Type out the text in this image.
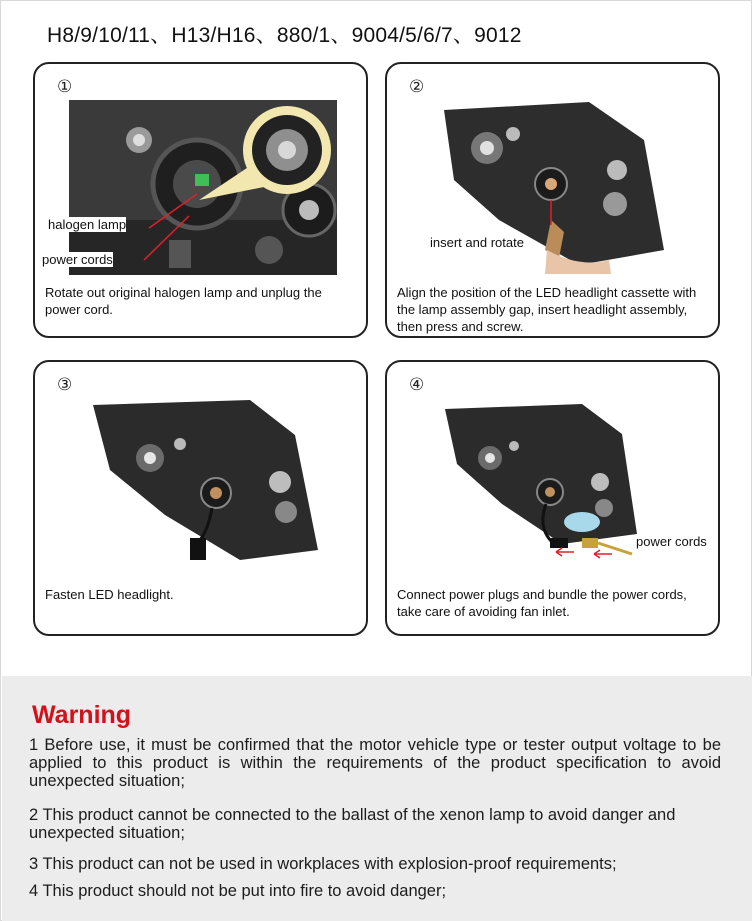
H8/9/10/11、H13/H16、880/1、9004/5/6/7、9012
①
halogen lamp
power cords
Rotate out original halogen lamp and unplug the power cord.
②
insert and rotate
Align the position of the LED headlight cassette with the lamp assembly gap, insert headlight assembly, then press and screw.
③
Fasten LED headlight.
④
power cords
Connect power plugs and bundle the power cords, take care of avoiding fan inlet.
Warning
1 Before use, it must be confirmed that the motor vehicle type or tester output voltage to be applied to this product is within the requirements of the product specification to avoid unexpected situation;
2 This product cannot be connected to the ballast of the xenon lamp to avoid danger and unexpected situation;
3 This product can not be used in workplaces with explosion-proof requirements;
4 This product should not be put into fire to avoid danger;
